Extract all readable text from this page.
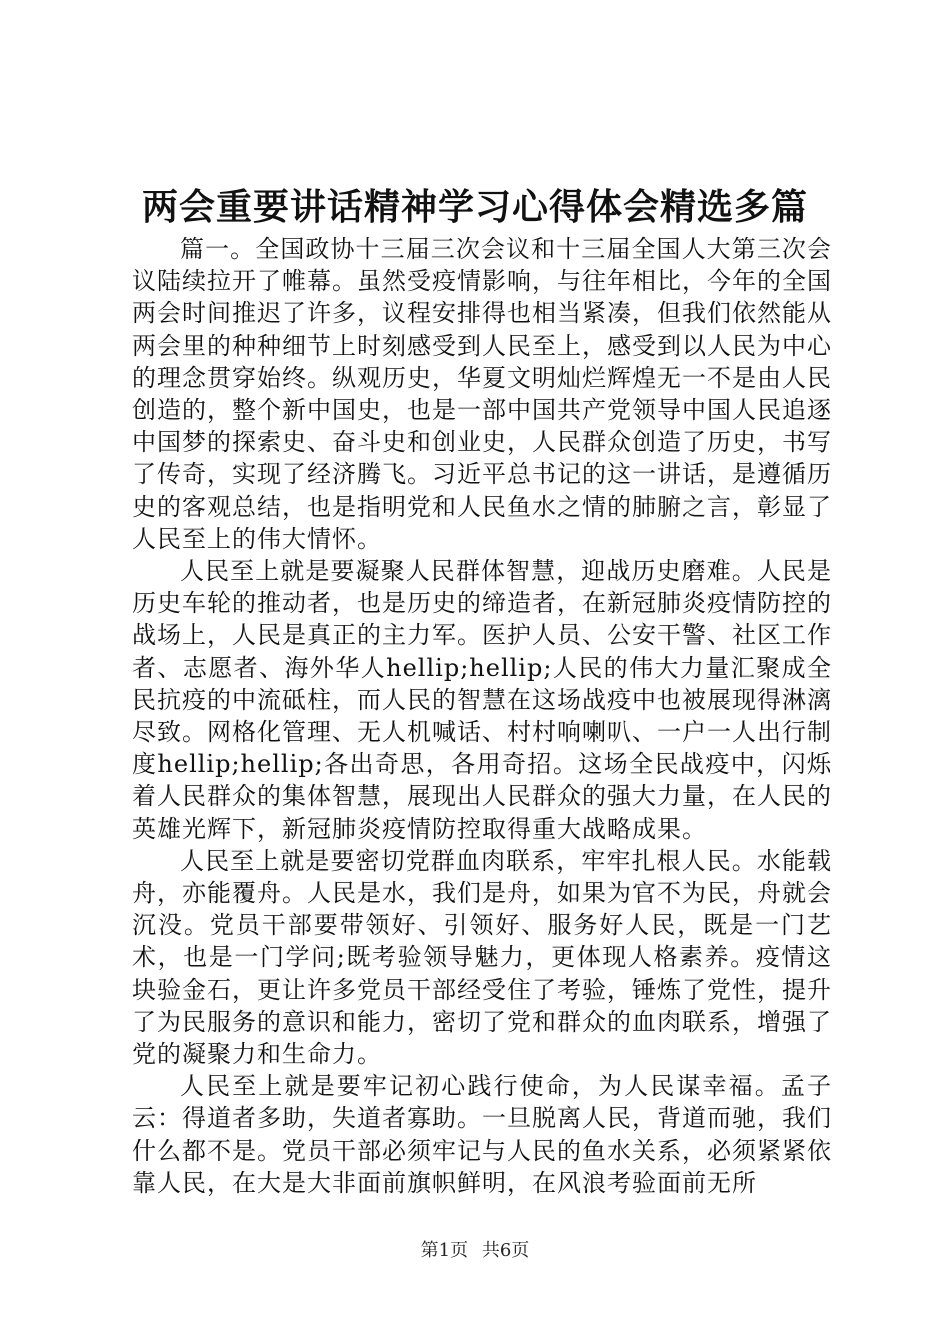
两会重要讲话精神学习心得体会精选多篇

篇一。全国政协十三届三次会议和十三届全国人大第三次会议陆续拉开了帷幕。虽然受疫情影响，与往年相比，今年的全国两会时间推迟了许多，议程安排得也相当紧凑，但我们依然能从两会里的种种细节上时刻感受到人民至上，感受到以人民为中心的理念贯穿始终。纵观历史，华夏文明灿烂辉煌无一不是由人民创造的，整个新中国史，也是一部中国共产党领导中国人民追逐中国梦的探索史、奋斗史和创业史，人民群众创造了历史，书写了传奇，实现了经济腾飞。习近平总书记的这一讲话，是遵循历史的客观总结，也是指明党和人民鱼水之情的肺腑之言，彰显了人民至上的伟大情怀。

人民至上就是要凝聚人民群体智慧，迎战历史磨难。人民是历史车轮的推动者，也是历史的缔造者，在新冠肺炎疫情防控的战场上，人民是真正的主力军。医护人员、公安干警、社区工作者、志愿者、海外华人hellip;hellip;人民的伟大力量汇聚成全民抗疫的中流砥柱，而人民的智慧在这场战疫中也被展现得淋漓尽致。网格化管理、无人机喊话、村村响喇叭、一户一人出行制度hellip;hellip;各出奇思，各用奇招。这场全民战疫中，闪烁着人民群众的集体智慧，展现出人民群众的强大力量，在人民的英雄光辉下，新冠肺炎疫情防控取得重大战略成果。

人民至上就是要密切党群血肉联系，牢牢扎根人民。水能载舟，亦能覆舟。人民是水，我们是舟，如果为官不为民，舟就会沉没。党员干部要带领好、引领好、服务好人民，既是一门艺术，也是一门学问;既考验领导魅力，更体现人格素养。疫情这块验金石，更让许多党员干部经受住了考验，锤炼了党性，提升了为民服务的意识和能力，密切了党和群众的血肉联系，增强了党的凝聚力和生命力。

人民至上就是要牢记初心践行使命，为人民谋幸福。孟子云：得道者多助，失道者寡助。一旦脱离人民，背道而驰，我们什么都不是。党员干部必须牢记与人民的鱼水关系，必须紧紧依靠人民，在大是大非面前旗帜鲜明，在风浪考验面前无所

第1页 共6页
